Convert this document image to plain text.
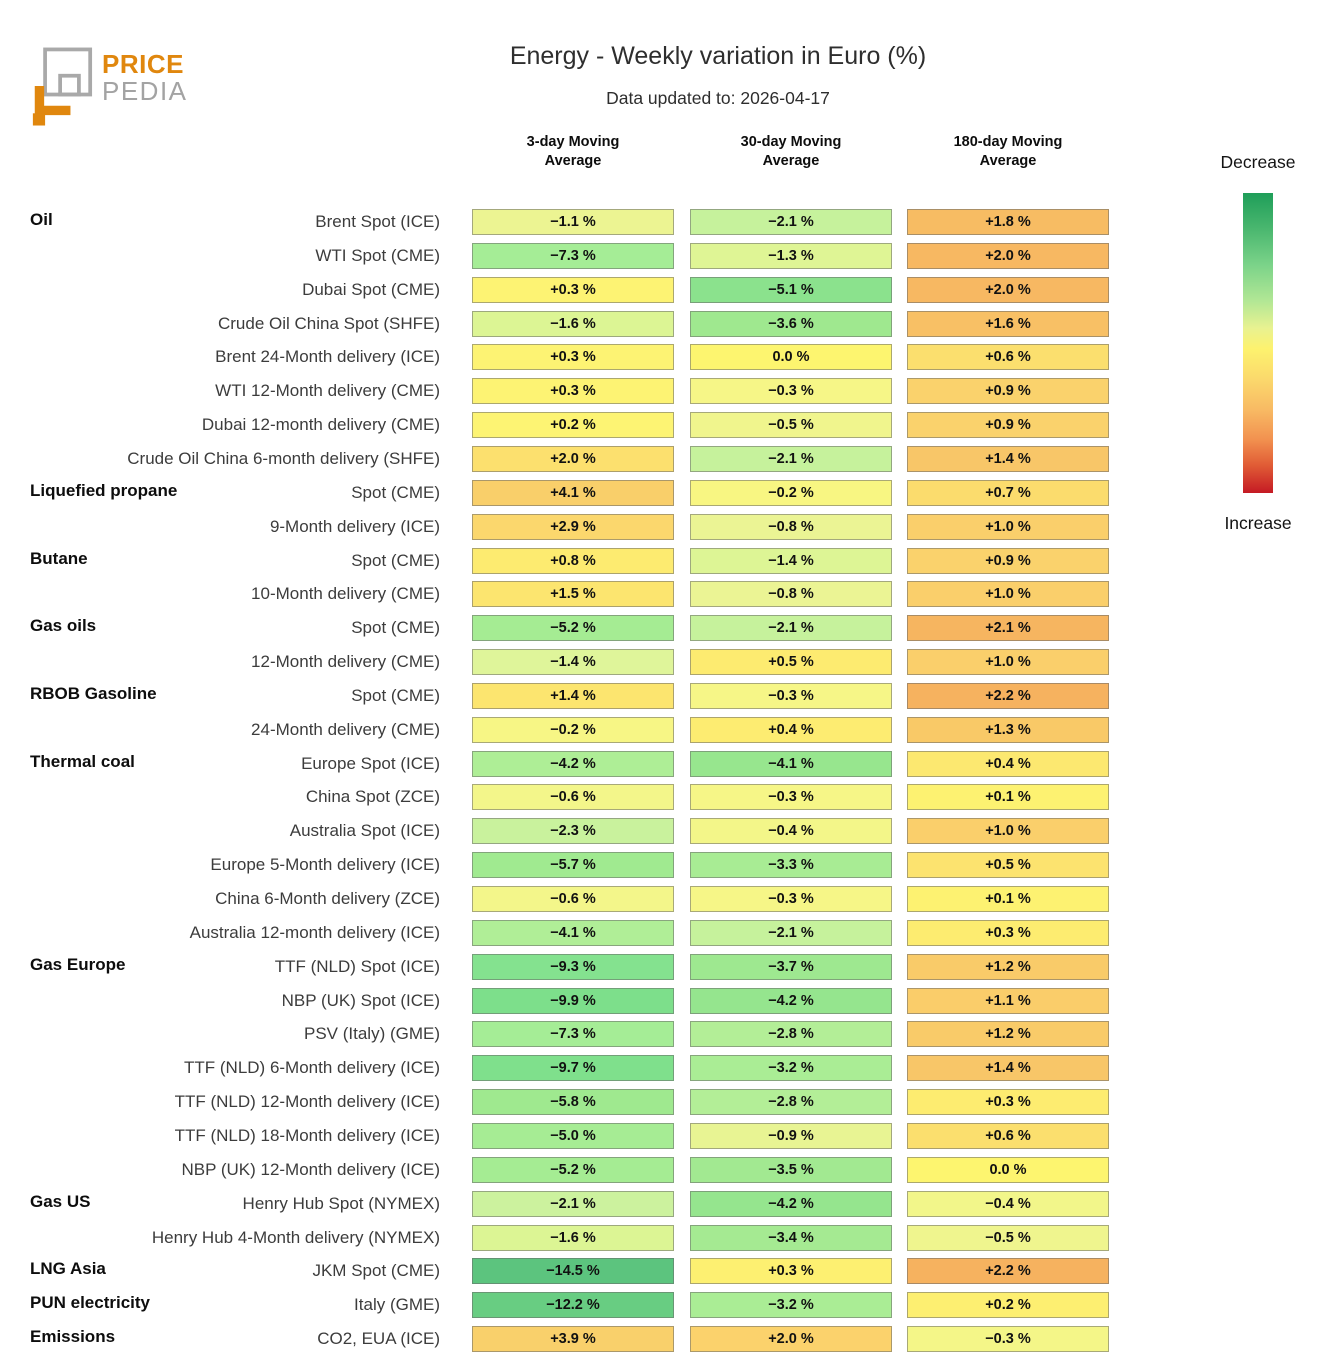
PRICE
PEDIA
Energy - Weekly variation in Euro (%)
Data updated to: 2026-04-17
3-day Moving
Average
30-day Moving
Average
180-day Moving
Average
Oil	Brent Spot (ICE)	−1.1 %	−2.1 %	+1.8 %
WTI Spot (CME)	−7.3 %	−1.3 %	+2.0 %
Dubai Spot (CME)	+0.3 %	−5.1 %	+2.0 %
Crude Oil China Spot (SHFE)	−1.6 %	−3.6 %	+1.6 %
Brent 24-Month delivery (ICE)	+0.3 %	0.0 %	+0.6 %
WTI 12-Month delivery (CME)	+0.3 %	−0.3 %	+0.9 %
Dubai 12-month delivery (CME)	+0.2 %	−0.5 %	+0.9 %
Crude Oil China 6-month delivery (SHFE)	+2.0 %	−2.1 %	+1.4 %
Liquefied propane	Spot (CME)	+4.1 %	−0.2 %	+0.7 %
9-Month delivery (ICE)	+2.9 %	−0.8 %	+1.0 %
Butane	Spot (CME)	+0.8 %	−1.4 %	+0.9 %
10-Month delivery (CME)	+1.5 %	−0.8 %	+1.0 %
Gas oils	Spot (CME)	−5.2 %	−2.1 %	+2.1 %
12-Month delivery (CME)	−1.4 %	+0.5 %	+1.0 %
RBOB Gasoline	Spot (CME)	+1.4 %	−0.3 %	+2.2 %
24-Month delivery (CME)	−0.2 %	+0.4 %	+1.3 %
Thermal coal	Europe Spot (ICE)	−4.2 %	−4.1 %	+0.4 %
China Spot (ZCE)	−0.6 %	−0.3 %	+0.1 %
Australia Spot (ICE)	−2.3 %	−0.4 %	+1.0 %
Europe 5-Month delivery (ICE)	−5.7 %	−3.3 %	+0.5 %
China 6-Month delivery (ZCE)	−0.6 %	−0.3 %	+0.1 %
Australia 12-month delivery (ICE)	−4.1 %	−2.1 %	+0.3 %
Gas Europe	TTF (NLD) Spot (ICE)	−9.3 %	−3.7 %	+1.2 %
NBP (UK) Spot (ICE)	−9.9 %	−4.2 %	+1.1 %
PSV (Italy) (GME)	−7.3 %	−2.8 %	+1.2 %
TTF (NLD) 6-Month delivery (ICE)	−9.7 %	−3.2 %	+1.4 %
TTF (NLD) 12-Month delivery (ICE)	−5.8 %	−2.8 %	+0.3 %
TTF (NLD) 18-Month delivery (ICE)	−5.0 %	−0.9 %	+0.6 %
NBP (UK) 12-Month delivery (ICE)	−5.2 %	−3.5 %	0.0 %
Gas US	Henry Hub Spot (NYMEX)	−2.1 %	−4.2 %	−0.4 %
Henry Hub 4-Month delivery (NYMEX)	−1.6 %	−3.4 %	−0.5 %
LNG Asia	JKM Spot (CME)	−14.5 %	+0.3 %	+2.2 %
PUN electricity	Italy (GME)	−12.2 %	−3.2 %	+0.2 %
Emissions	CO2, EUA (ICE)	+3.9 %	+2.0 %	−0.3 %
Decrease
Increase
